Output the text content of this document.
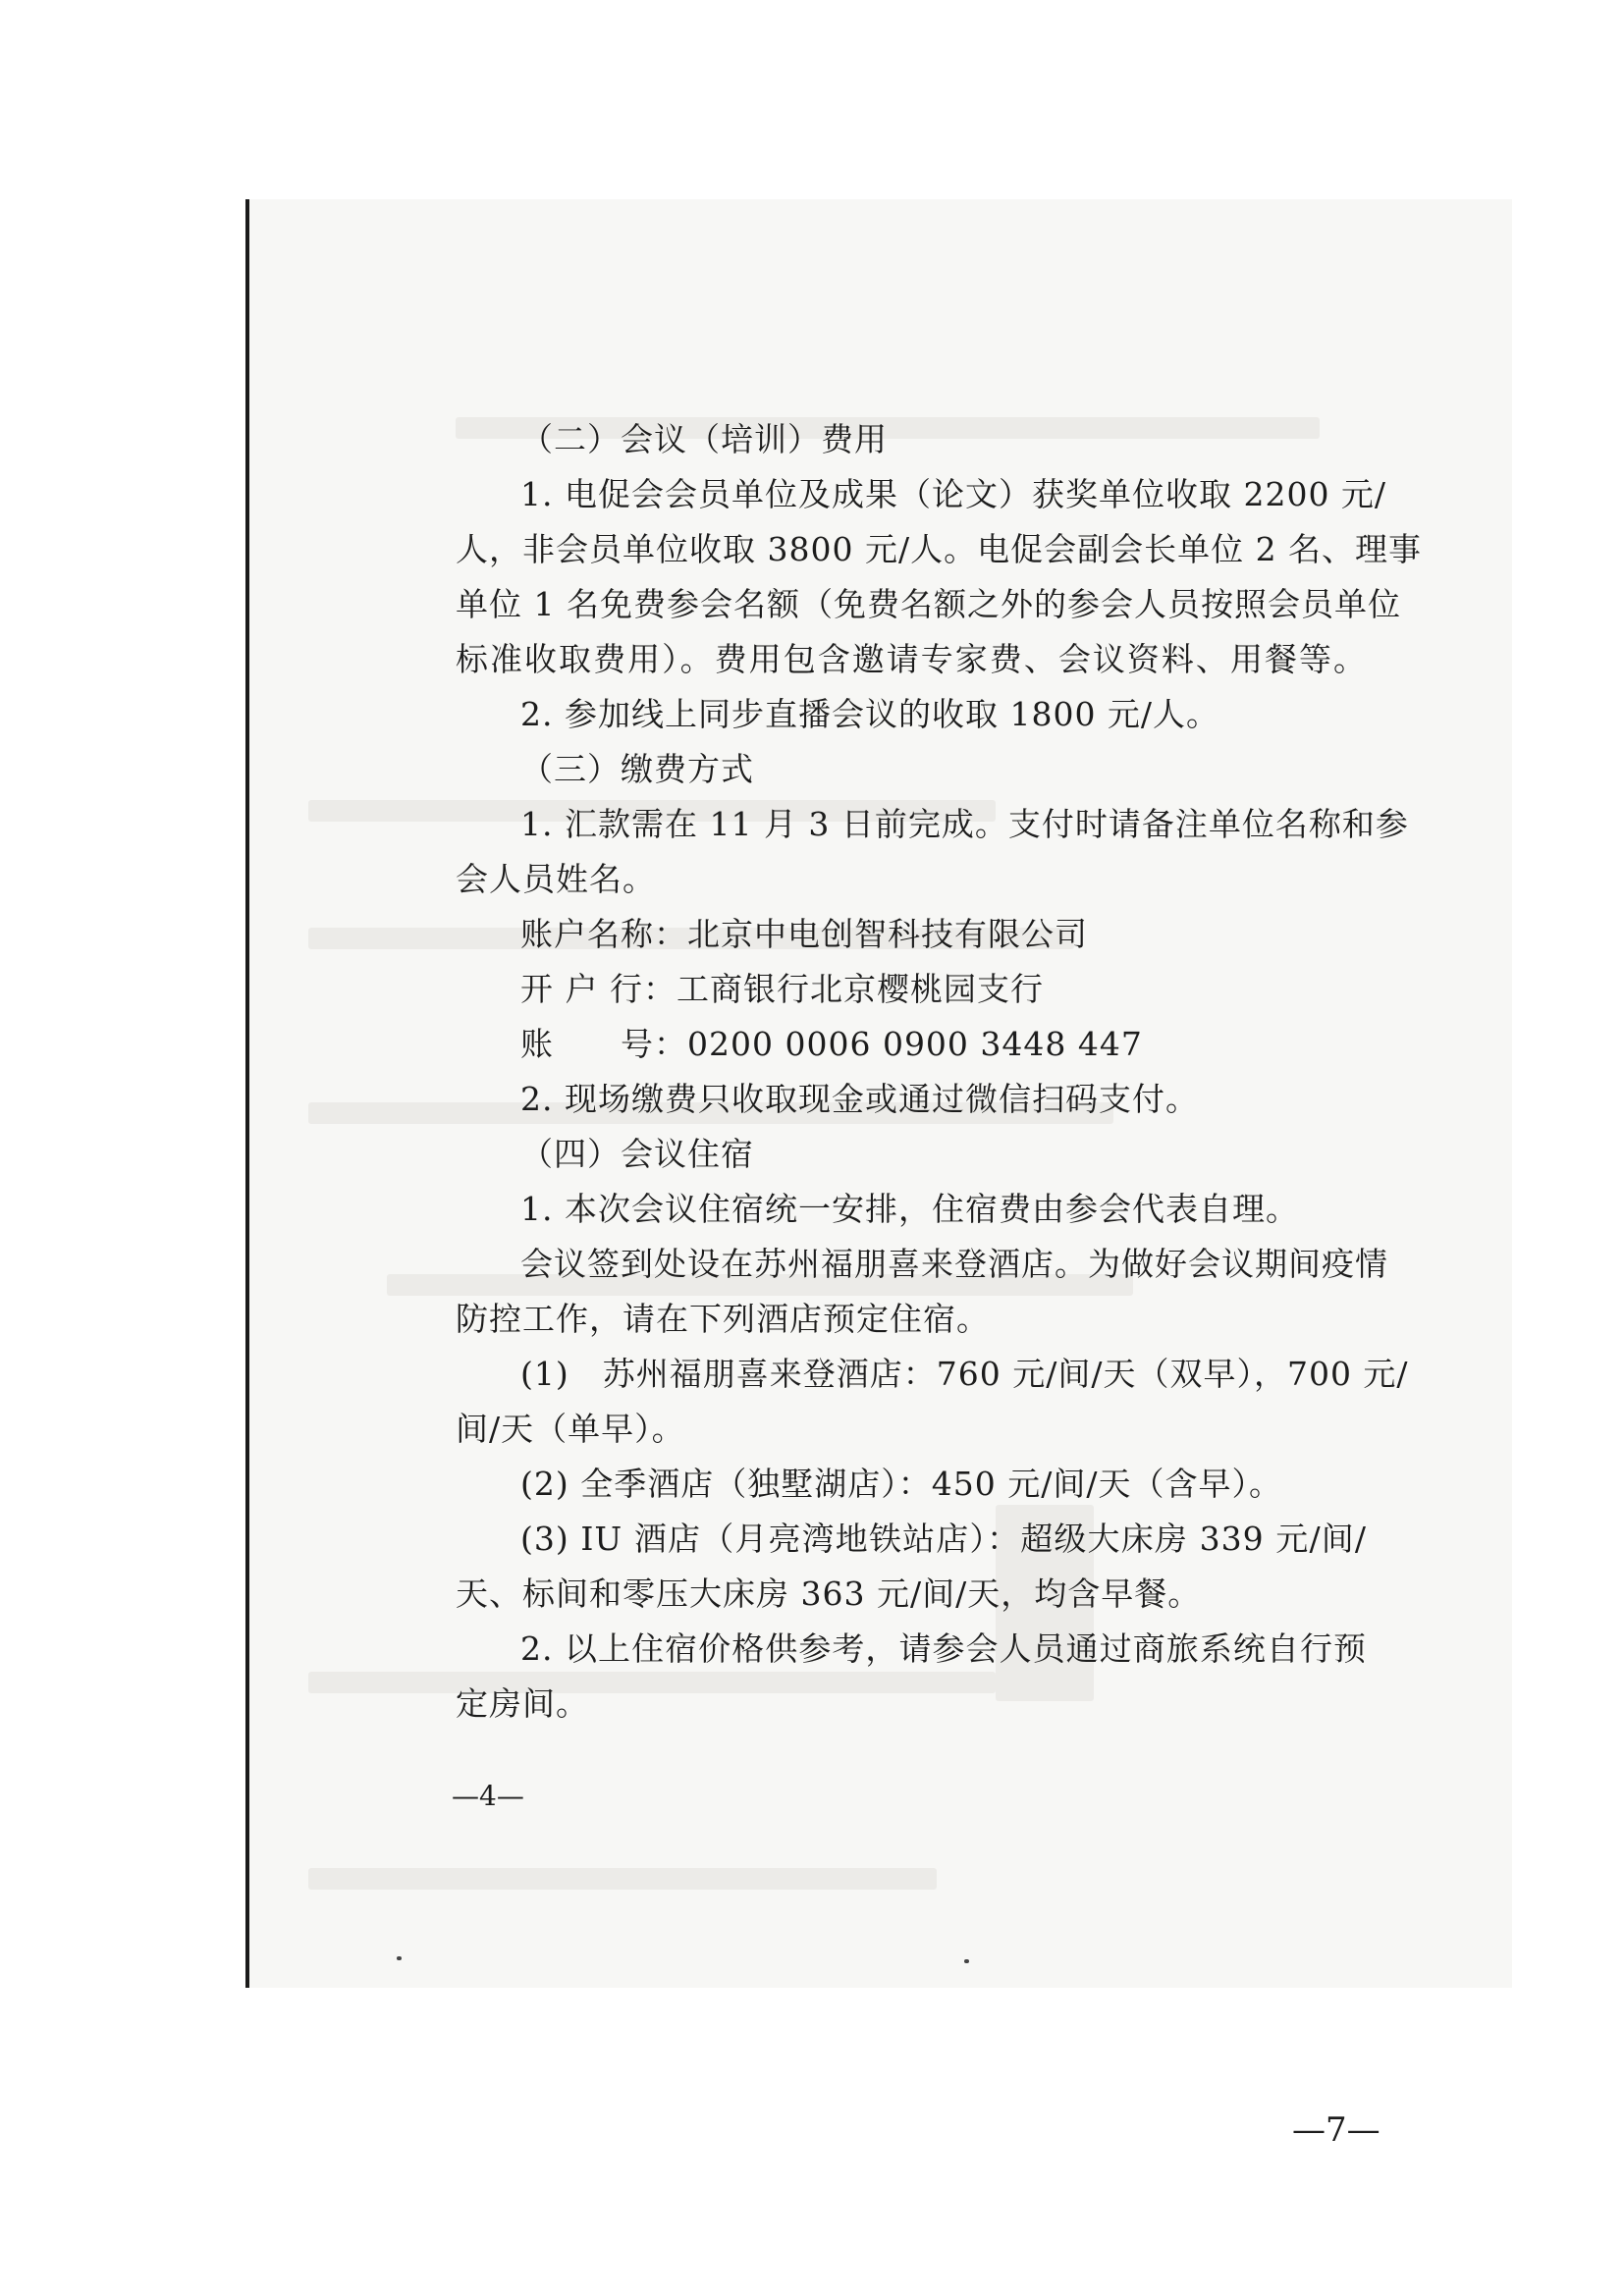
（二）会议（培训）费用
1. 电促会会员单位及成果（论文）获奖单位收取 2200 元/
人，非会员单位收取 3800 元/人。电促会副会长单位 2 名、理事
单位 1 名免费参会名额（免费名额之外的参会人员按照会员单位
标准收取费用）。费用包含邀请专家费、会议资料、用餐等。
2. 参加线上同步直播会议的收取 1800 元/人。
（三）缴费方式
1. 汇款需在 11 月 3 日前完成。支付时请备注单位名称和参
会人员姓名。
账户名称：北京中电创智科技有限公司
开 户 行：工商银行北京樱桃园支行
账　　号：0200 0006 0900 3448 447
2. 现场缴费只收取现金或通过微信扫码支付。
（四）会议住宿
1. 本次会议住宿统一安排，住宿费由参会代表自理。
会议签到处设在苏州福朋喜来登酒店。为做好会议期间疫情
防控工作，请在下列酒店预定住宿。
(1)　苏州福朋喜来登酒店：760 元/间/天（双早），700 元/
间/天（单早）。
(2) 全季酒店（独墅湖店）：450 元/间/天（含早）。
(3) IU 酒店（月亮湾地铁站店）：超级大床房 339 元/间/
天、标间和零压大床房 363 元/间/天，均含早餐。
2. 以上住宿价格供参考，请参会人员通过商旅系统自行预
定房间。
—4—
—7—
